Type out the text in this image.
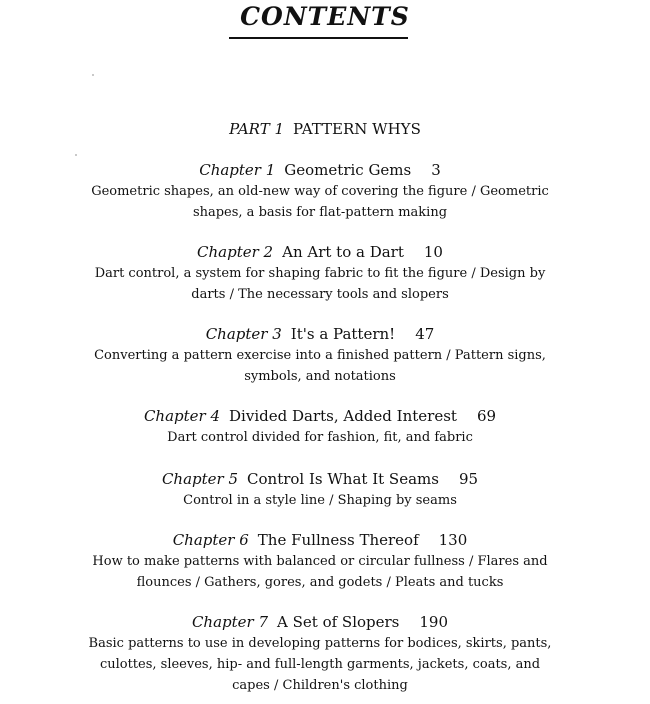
CONTENTS
PART 1 PATTERN WHYS
Chapter 1 Geometric Gems 3
Geometric shapes, an old-new way of covering the figure / Geometric shapes, a basis for flat-pattern making
Chapter 2 An Art to a Dart 10
Dart control, a system for shaping fabric to fit the figure / Design by darts / The necessary tools and slopers
Chapter 3 It's a Pattern! 47
Converting a pattern exercise into a finished pattern / Pattern signs, symbols, and notations
Chapter 4 Divided Darts, Added Interest 69
Dart control divided for fashion, fit, and fabric
Chapter 5 Control Is What It Seams 95
Control in a style line / Shaping by seams
Chapter 6 The Fullness Thereof 130
How to make patterns with balanced or circular fullness / Flares and flounces / Gathers, gores, and godets / Pleats and tucks
Chapter 7 A Set of Slopers 190
Basic patterns to use in developing patterns for bodices, skirts, pants, culottes, sleeves, hip- and full-length garments, jackets, coats, and capes / Children's clothing
